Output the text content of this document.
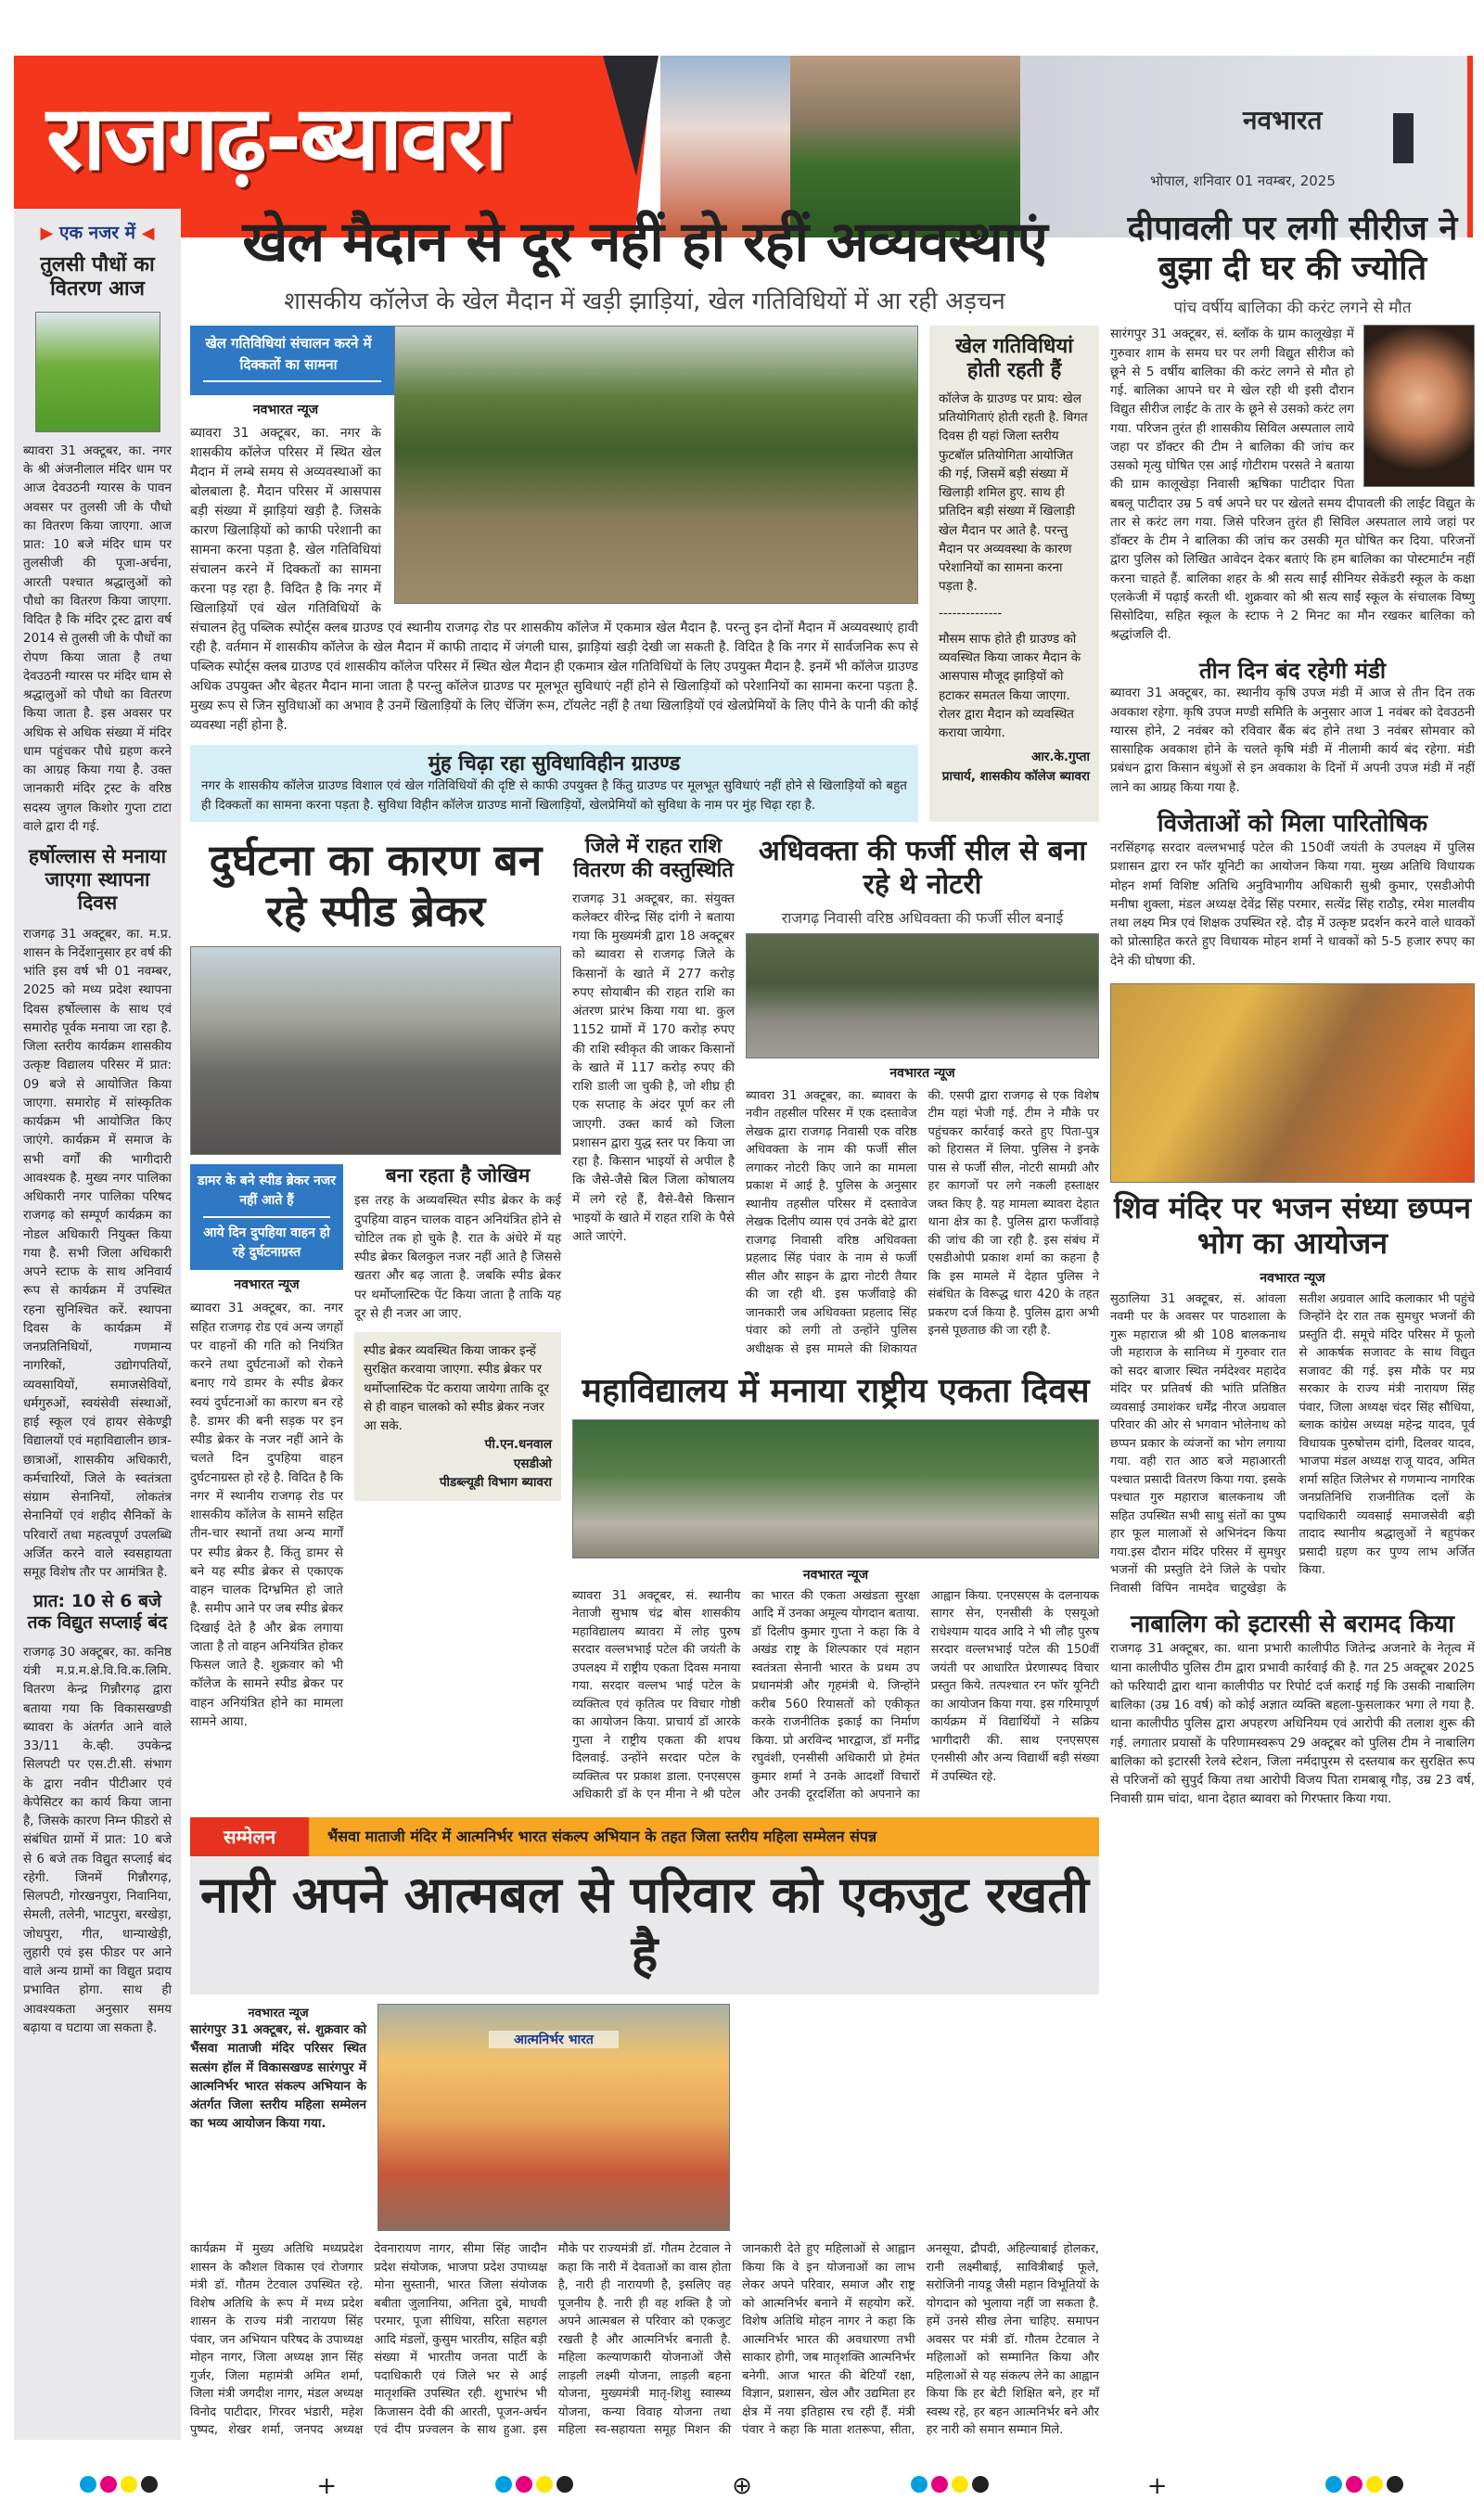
राजगढ़-ब्यावरा	नवभारत
भोपाल, शनिवार 01 नवम्बर, 2025
▶ एक नजर में ◀
तुलसी पौधों का वितरण आज
ब्यावरा 31 अक्टूबर, का. नगर के श्री अंजनीलाल मंदिर धाम पर आज देवउठनी ग्यारस के पावन अवसर पर तुलसी जी के पौधो का वितरण किया जाएगा. आज प्रात: 10 बजे मंदिर धाम पर तुलसीजी की पूजा-अर्चना, आरती पश्चात श्रद्धालुओं को पौधो का वितरण किया जाएगा. विदित है कि मंदिर ट्रस्ट द्वारा वर्ष 2014 से तुलसी जी के पौधों का रोपण किया जाता है तथा देवउठनी ग्यारस पर मंदिर धाम से श्रद्धालुओं को पौधो का वितरण किया जाता है. इस अवसर पर अधिक से अधिक संख्या में मंदिर धाम पहुंचकर पौधे ग्रहण करने का आग्रह किया गया है. उक्त जानकारी मंदिर ट्रस्ट के वरिष्ठ सदस्य जुगल किशोर गुप्ता टाटा वाले द्वारा दी गई.
हर्षोल्लास से मनाया जाएगा स्थापना दिवस
राजगढ़ 31 अक्टूबर, का. म.प्र. शासन के निर्देशानुसार हर वर्ष की भांति इस वर्ष भी 01 नवम्बर, 2025 को मध्य प्रदेश स्थापना दिवस हर्षोल्लास के साथ एवं समारोह पूर्वक मनाया जा रहा है. जिला स्तरीय कार्यक्रम शासकीय उत्कृष्ट विद्यालय परिसर में प्रात: 09 बजे से आयोजित किया जाएगा. समारोह में सांस्कृतिक कार्यक्रम भी आयोजित किए जाएंगे. कार्यक्रम में समाज के सभी वर्गों की भागीदारी आवश्यक है. मुख्य नगर पालिका अधिकारी नगर पालिका परिषद राजगढ़ को सम्पूर्ण कार्यक्रम का नोडल अधिकारी नियुक्त किया गया है. सभी जिला अधिकारी अपने स्टाफ के साथ अनिवार्य रूप से कार्यक्रम में उपस्थित रहना सुनिश्चित करें. स्थापना दिवस के कार्यक्रम में जनप्रतिनिधियों, गणमान्य नागरिकों, उद्योगपतियों, व्यवसायियों, समाजसेवियों, धर्मगुरुओं, स्वयंसेवी संस्थाओं, हाई स्कूल एवं हायर सेकेण्ड्री विद्यालयों एवं महाविद्यालीन छात्र-छात्राओं, शासकीय अधिकारी, कर्मचारियों, जिले के स्वतंत्रता संग्राम सेनानियों, लोकतंत्र सेनानियों एवं शहीद सैनिकों के परिवारों तथा महत्वपूर्ण उपलब्धि अर्जित करने वाले स्वसहायता समूह विशेष तौर पर आमंत्रित है.
प्रात: 10 से 6 बजे तक विद्युत सप्लाई बंद
राजगढ़ 30 अक्टूबर, का. कनिष्ठ यंत्री म.प्र.म.क्षे.वि.वि.क.लिमि. वितरण केन्द्र गिन्नौरगढ़ द्वारा बताया गया कि विकासखण्डी ब्यावरा के अंतर्गत आने वाले 33/11 के.व्ही. उपकेन्द्र सिलपटी पर एस.टी.सी. संभाग के द्वारा नवीन पीटीआर एवं केपेसिटर का कार्य किया जाना है, जिसके कारण निम्न फीडरो से संबंधित ग्रामों में प्रात: 10 बजे से 6 बजे तक विद्युत सप्लाई बंद रहेगी. जिनमें गिन्नौरगढ़, सिलपटी, गोरखनपुरा, निवानिया, सेमली, तलेनी, भाटपुरा, बरखेड़ा, जोधपुरा, गीत, धान्याखेड़ी, लुहारी एवं इस फीडर पर आने वाले अन्य ग्रामों का विद्युत प्रदाय प्रभावित होगा. साथ ही आवश्यकता अनुसार समय बढ़ाया व घटाया जा सकता है.
खेल मैदान से दूर नहीं हो रहीं अव्यवस्थाएं
शासकीय कॉलेज के खेल मैदान में खड़ी झाड़ियां, खेल गतिविधियों में आ रही अड़चन
खेल गतिविधियां संचालन करने में दिक्कतों का सामना
नवभारत न्यूज
ब्यावरा 31 अक्टूबर, का. नगर के शासकीय कॉलेज परिसर में स्थित खेल मैदान में लम्बे समय से अव्यवस्थाओं का बोलबाला है. मैदान परिसर में आसपास बड़ी संख्या में झाड़ियां खड़ी है. जिसके कारण खिलाड़ियों को काफी परेशानी का सामना करना पड़ता है. खेल गतिविधियां संचालन करने में दिक्कतों का सामना करना पड़ रहा है. विदित है कि नगर में खिलाड़ियों एवं खेल गतिविधियों के संचालन हेतु पब्लिक स्पोर्ट्स क्लब ग्राउण्ड एवं स्थानीय राजगढ़ रोड पर शासकीय कॉलेज में एकमात्र खेल मैदान है. परन्तु इन दोनों मैदान में अव्यवस्थाएं हावी रही है. वर्तमान में शासकीय कॉलेज के खेल मैदान में काफी तादाद में जंगली घास, झाड़ियां खड़ी देखी जा सकती है. विदित है कि नगर में सार्वजनिक रूप से पब्लिक स्पोर्ट्स क्लब ग्राउण्ड एवं शासकीय कॉलेज परिसर में स्थित खेल मैदान ही एकमात्र खेल गतिविधियों के लिए उपयुक्त मैदान है. इनमें भी कॉलेज ग्राउण्ड अधिक उपयुक्त और बेहतर मैदान माना जाता है परन्तु कॉलेज ग्राउण्ड पर मूलभूत सुविधाएं नहीं होने से खिलाड़ियों को परेशानियों का सामना करना पड़ता है. मुख्य रूप से जिन सुविधाओं का अभाव है उनमें खिलाड़ियों के लिए चेंजिंग रूम, टॉयलेट नहीं है तथा खिलाड़ियों एवं खेलप्रेमियों के लिए पीने के पानी की कोई व्यवस्था नहीं होना है.
मुंह चिढ़ा रहा सुविधाविहीन ग्राउण्ड
नगर के शासकीय कॉलेज ग्राउण्ड विशाल एवं खेल गतिविधियों की दृष्टि से काफी उपयुक्त है किंतु ग्राउण्ड पर मूलभूत सुविधाएं नहीं होने से खिलाड़ियों को बहुत ही दिक्कतों का सामना करना पड़ता है. सुविधा विहीन कॉलेज ग्राउण्ड मानों खिलाड़ियों, खेलप्रेमियों को सुविधा के नाम पर मुंह चिढ़ा रहा है.
खेल गतिविधियां होती रहती हैं
कॉलेज के ग्राउण्ड पर प्राय: खेल प्रतियोगिताएं होती रहती है. विगत दिवस ही यहां जिला स्तरीय फुटबॉल प्रतियोगिता आयोजित की गई, जिसमें बड़ी संख्या में खिलाड़ी शमिल हुए. साथ ही प्रतिदिन बड़ी संख्या में खिलाड़ी खेल मैदान पर आते है. परन्तु मैदान पर अव्यवस्था के कारण परेशानियों का सामना करना पड़ता है.
--------------
मौसम साफ होते ही ग्राउण्ड को व्यवस्थित किया जाकर मैदान के आसपास मौजूद झाड़ियों को हटाकर समतल किया जाएगा. रोलर द्वारा मैदान को व्यवस्थित कराया जायेगा.
आर.के.गुप्ता
प्राचार्य, शासकीय कॉलेज ब्यावरा
दुर्घटना का कारण बन रहे स्पीड ब्रेकर
डामर के बने स्पीड ब्रेकर नजर नहीं आते हैं
आये दिन दुपहिया वाहन हो रहे दुर्घटनाग्रस्त
नवभारत न्यूज
ब्यावरा 31 अक्टूबर, का. नगर सहित राजगढ़ रोड एवं अन्य जगहों पर वाहनों की गति को नियंत्रित करने तथा दुर्घटनाओं को रोकने बनाए गये डामर के स्पीड ब्रेकर स्वयं दुर्घटनाओं का कारण बन रहे है. डामर की बनी सड़क पर इन स्पीड ब्रेकर के नजर नहीं आने के चलते दिन दुपहिया वाहन दुर्घटनाग्रस्त हो रहे है. विदित है कि नगर में स्थानीय राजगढ़ रोड पर शासकीय कॉलेज के सामने सहित तीन-चार स्थानों तथा अन्य मार्गों पर स्पीड ब्रेकर है. किंतु डामर से बने यह स्पीड ब्रेकर से एकाएक वाहन चालक दिग्भ्रमित हो जाते है. समीप आने पर जब स्पीड ब्रेकर दिखाई देते है और ब्रेक लगाया जाता है तो वाहन अनियंत्रित होकर फिसल जाते है. शुक्रवार को भी कॉलेज के सामने स्पीड ब्रेकर पर वाहन अनियंत्रित होने का मामला सामने आया.
बना रहता है जोखिम
इस तरह के अव्यवस्थित स्पीड ब्रेकर के कई दुपहिया वाहन चालक वाहन अनियंत्रित होने से चोटिल तक हो चुके है. रात के अंधेरे में यह स्पीड ब्रेकर बिलकुल नजर नहीं आते है जिससे खतरा और बढ़ जाता है. जबकि स्पीड ब्रेकर पर थर्मोप्लास्टिक पेंट किया जाता है ताकि यह दूर से ही नजर आ जाए.
स्पीड ब्रेकर व्यवस्थित किया जाकर इन्हें सुरक्षित करवाया जाएगा. स्पीड ब्रेकर पर थर्मोप्लास्टिक पेंट कराया जायेगा ताकि दूर से ही वाहन चालको को स्पीड ब्रेकर नजर आ सके.
पी.एन.धनवाल
एसडीओ
पीडब्ल्यूडी विभाग ब्यावरा
जिले में राहत राशि वितरण की वस्तुस्थिति
राजगढ़ 31 अक्टूबर, का. संयुक्त कलेक्टर वीरेन्द्र सिंह दांगी ने बताया गया कि मुख्यमंत्री द्वारा 18 अक्टूबर को ब्यावरा से राजगढ़ जिले के किसानों के खाते में 277 करोड़ रुपए सोयाबीन की राहत राशि का अंतरण प्रारंभ किया गया था. कुल 1152 ग्रामों में 170 करोड़ रुपए की राशि स्वीकृत की जाकर किसानों के खाते में 117 करोड़ रुपए की राशि डाली जा चुकी है, जो शीघ्र ही एक सप्ताह के अंदर पूर्ण कर ली जाएगी. उक्त कार्य को जिला प्रशासन द्वारा युद्ध स्तर पर किया जा रहा है. किसान भाइयों से अपील है कि जैसे-जैसे बिल जिला कोषालय में लगे रहे हैं, वैसे-वैसे किसान भाइयों के खाते में राहत राशि के पैसे आते जाएंगे.
अधिवक्ता की फर्जी सील से बना रहे थे नोटरी
राजगढ़ निवासी वरिष्ठ अधिवक्ता की फर्जी सील बनाई
नवभारत न्यूज
ब्यावरा 31 अक्टूबर, का. ब्यावरा के नवीन तहसील परिसर में एक दस्तावेज लेखक द्वारा राजगढ़ निवासी एक वरिष्ठ अधिवक्ता के नाम की फर्जी सील लगाकर नोटरी किए जाने का मामला प्रकाश में आई है. पुलिस के अनुसार स्थानीय तहसील परिसर में दस्तावेज लेखक दिलीप व्यास एवं उनके बेटे द्वारा राजगढ़ निवासी वरिष्ठ अधिवक्ता प्रहलाद सिंह पंवार के नाम से फर्जी सील और साइन के द्वारा नोटरी तैयार की जा रही थी. इस फर्जीवाड़े की जानकारी जब अधिवक्ता प्रहलाद सिंह पंवार को लगी तो उन्होंने पुलिस अधीक्षक से इस मामले की शिकायत की. एसपी द्वारा राजगढ़ से एक विशेष टीम यहां भेजी गई. टीम ने मौके पर पहुंचकर कार्रवाई करते हुए पिता-पुत्र को हिरासत में लिया. पुलिस ने इनके पास से फर्जी सील, नोटरी सामग्री और हर कागजों पर लगे नकली हस्ताक्षर जब्त किए है. यह मामला ब्यावरा देहात थाना क्षेत्र का है. पुलिस द्वारा फर्जीवाड़े की जांच की जा रही है. इस संबंध में एसडीओपी प्रकाश शर्मा का कहना है कि इस मामले में देहात पुलिस ने संबंधित के विरूद्ध धारा 420 के तहत प्रकरण दर्ज किया है. पुलिस द्वारा अभी इनसे पूछताछ की जा रही है.
महाविद्यालय में मनाया राष्ट्रीय एकता दिवस
नवभारत न्यूज
ब्यावरा 31 अक्टूबर, सं. स्थानीय नेताजी सुभाष चंद्र बोस शासकीय महाविद्यालय ब्यावरा में लोह पुरुष सरदार वल्लभभाई पटेल की जयंती के उपलक्ष्य में राष्ट्रीय एकता दिवस मनाया गया. सरदार वल्लभ भाई पटेल के व्यक्तित्व एवं कृतित्व पर विचार गोष्ठी का आयोजन किया. प्राचार्य डॉ आरके गुप्ता ने राष्ट्रीय एकता की शपथ दिलवाई. उन्होंने सरदार पटेल के व्यक्तित्व पर प्रकाश डाला. एनएसएस अधिकारी डॉ के एन मीना ने श्री पटेल का भारत की एकता अखंडता सुरक्षा आदि में उनका अमूल्य योगदान बताया. डॉ दिलीप कुमार गुप्ता ने कहा कि वे अखंड राष्ट्र के शिल्पकार एवं महान स्वतंत्रता सेनानी भारत के प्रथम उप प्रधानमंत्री और गृहमंत्री थे. जिन्होंने करीब 560 रियासतों को एकीकृत करके राजनीतिक इकाई का निर्माण किया. प्रो अरविन्द भारद्वाज, डॉ मनींद्र रघुवंशी, एनसीसी अधिकारी प्रो हेमंत कुमार शर्मा ने उनके आदर्शों विचारों और उनकी दूरदर्शिता को अपनाने का आह्वान किया. एनएसएस के दलनायक सागर सेन, एनसीसी के एसयूओ राधेश्याम यादव आदि ने भी लौह पुरुष सरदार वल्लभभाई पटेल की 150वीं जयंती पर आधारित प्रेरणास्पद विचार प्रस्तुत किये. तत्पश्चात रन फॉर यूनिटी का आयोजन किया गया. इस गरिमापूर्ण कार्यक्रम में विद्यार्थियों ने सक्रिय भागीदारी की. साथ एनएसएस एनसीसी और अन्य विद्यार्थी बड़ी संख्या में उपस्थित रहे.
सम्मेलन	भैंसवा माताजी मंदिर में आत्मनिर्भर भारत संकल्प अभियान के तहत जिला स्तरीय महिला सम्मेलन संपन्न
नारी अपने आत्मबल से परिवार को एकजुट रखती है
नवभारत न्यूज
सारंगपुर 31 अक्टूबर, सं. शुक्रवार को भैंसवा माताजी मंदिर परिसर स्थित सत्संग हॉल में विकासखण्ड सारंगपुर में आत्मनिर्भर भारत संकल्प अभियान के अंतर्गत जिला स्तरीय महिला सम्मेलन का भव्य आयोजन किया गया.
आत्मनिर्भर भारत
कार्यक्रम में मुख्य अतिथि मध्यप्रदेश शासन के कौशल विकास एवं रोजगार मंत्री डॉ. गौतम टेटवाल उपस्थित रहे. विशेष अतिथि के रूप में मध्य प्रदेश शासन के राज्य मंत्री नारायण सिंह पंवार, जन अभियान परिषद के उपाध्यक्ष मोहन नागर, जिला अध्यक्ष ज्ञान सिंह गुर्जर, जिला महामंत्री अमित शर्मा, जिला मंत्री जगदीश नागर, मंडल अध्यक्ष विनोद पाटीदार, गिरवर भंडारी, महेश पुष्पद, शेखर शर्मा, जनपद अध्यक्ष देवनारायण नागर, सीमा सिंह जादौन प्रदेश संयोजक, भाजपा प्रदेश उपाध्यक्ष मोना सुस्तानी, भारत जिला संयोजक बबीता जुलानिया, अनिता दुबे, माधवी परमार, पूजा सीधिया, सरिता सहगल आदि मंडलों, कुसुम भारतीय, सहित बड़ी संख्या में भारतीय जनता पार्टी के पदाधिकारी एवं जिले भर से आई मातृशक्ति उपस्थित रही. शुभारंभ भी किजासन देवी की आरती, पूजन-अर्चन एवं दीप प्रज्वलन के साथ हुआ. इस मौके पर राज्यमंत्री डॉ. गौतम टेटवाल ने कहा कि नारी में देवताओं का वास होता है, नारी ही नारायणी है, इसलिए वह पूजनीय है. नारी ही वह शक्ति है जो अपने आत्मबल से परिवार को एकजुट रखती है और आत्मनिर्भर बनाती है. महिला कल्याणकारी योजनाओं जैसे लाड़ली लक्ष्मी योजना, लाड़ली बहना योजना, मुख्यमंत्री मातृ-शिशु स्वास्थ्य योजना, कन्या विवाह योजना तथा महिला स्व-सहायता समूह मिशन की जानकारी देते हुए महिलाओं से आह्वान किया कि वे इन योजनाओं का लाभ लेकर अपने परिवार, समाज और राष्ट्र को आत्मनिर्भर बनाने में सहयोग करें. विशेष अतिथि मोहन नागर ने कहा कि आत्मनिर्भर भारत की अवधारणा तभी साकार होगी, जब मातृशक्ति आत्मनिर्भर बनेगी. आज भारत की बेटियाँ रक्षा, विज्ञान, प्रशासन, खेल और उद्यमिता हर क्षेत्र में नया इतिहास रच रही हैं. मंत्री पंवार ने कहा कि माता शतरूपा, सीता, अनसूया, द्रौपदी, अहिल्याबाई होलकर, रानी लक्ष्मीबाई, सावित्रीबाई फूले, सरोजिनी नायडू जैसी महान विभूतियों के योगदान को भुलाया नहीं जा सकता है. हमें उनसे सीख लेना चाहिए. समापन अवसर पर मंत्री डॉ. गौतम टेटवाल ने महिलाओं को सम्मानित किया और महिलाओं से यह संकल्प लेने का आह्वान किया कि हर बेटी शिक्षित बने, हर माँ स्वस्थ रहे, हर बहन आत्मनिर्भर बने और हर नारी को समान सम्मान मिले.
दीपावली पर लगी सीरीज ने बुझा दी घर की ज्योति
पांच वर्षीय बालिका की करंट लगने से मौत
सारंगपुर 31 अक्टूबर, सं. ब्लॉक के ग्राम कालूखेड़ा में गुरुवार शाम के समय घर पर लगी विद्युत सीरीज को छूने से 5 वर्षीय बालिका की करंट लगने से मौत हो गई. बालिका आपने घर मे खेल रही थी इसी दौरान विद्युत सीरीज लाईट के तार के छूने से उसको करंट लग गया. परिजन तुरंत ही शासकीय सिविल अस्पताल लाये जहा पर डॉक्टर की टीम ने बालिका की जांच कर उसको मृत्यु घोषित एस आई गोटीराम परसते ने बताया की ग्राम कालूखेड़ा निवासी ऋषिका पाटीदार पिता बबलू पाटीदार उम्र 5 वर्ष अपने घर पर खेलते समय दीपावली की लाईट विद्युत के तार से करंट लग गया. जिसे परिजन तुरंत ही सिविल अस्पताल लाये जहां पर डॉक्टर के टीम ने बालिका की जांच कर उसकी मृत घोषित कर दिया. परिजनों द्वारा पुलिस को लिखित आवेदन देकर बताएं कि हम बालिका का पोस्टमार्टम नहीं करना चाहते हैं. बालिका शहर के श्री सत्य साईं सीनियर सेकेंडरी स्कूल के कक्षा एलकेजी में पढ़ाई करती थी. शुक्रवार को श्री सत्य साईं स्कूल के संचालक विष्णु सिसोदिया, सहित स्कूल के स्टाफ ने 2 मिनट का मौन रखकर बालिका को श्रद्धांजलि दी.
तीन दिन बंद रहेगी मंडी
ब्यावरा 31 अक्टूबर, का. स्थानीय कृषि उपज मंडी में आज से तीन दिन तक अवकाश रहेगा. कृषि उपज मण्डी समिति के अनुसार आज 1 नवंबर को देवउठनी ग्यारस होने, 2 नवंबर को रविवार बैंक बंद होने तथा 3 नवंबर सोमवार को सासाहिक अवकाश होने के चलते कृषि मंडी में नीलामी कार्य बंद रहेगा. मंडी प्रबंधन द्वारा किसान बंधुओं से इन अवकाश के दिनों में अपनी उपज मंडी में नहीं लाने का आग्रह किया गया है.
विजेताओं को मिला पारितोषिक
नरसिंहगढ़ सरदार वल्लभभाई पटेल की 150वीं जयंती के उपलक्ष्य में पुलिस प्रशासन द्वारा रन फॉर यूनिटी का आयोजन किया गया. मुख्य अतिथि विधायक मोहन शर्मा विशिष्ट अतिथि अनुविभागीय अधिकारी सुश्री कुमार, एसडीओपी मनीषा शुक्ला, मंडल अध्यक्ष देवेंद्र सिंह परमार, सत्येंद्र सिंह राठौड़, रमेश मालवीय तथा लक्ष्य मित्र एवं शिक्षक उपस्थित रहे. दौड़ में उत्कृष्ट प्रदर्शन करने वाले धावकों को प्रोत्साहित करते हुए विधायक मोहन शर्मा ने धावकों को 5-5 हजार रुपए का देने की घोषणा की.
शिव मंदिर पर भजन संध्या छप्पन भोग का आयोजन
नवभारत न्यूज
सुठालिया 31 अक्टूबर, सं. आंवला नवमी पर के अवसर पर पाठशाला के गुरू महाराज श्री श्री 108 बालकनाथ जी महाराज के सानिध्य में गुरुवार रात को सदर बाजार स्थित नर्मदेश्वर महादेव मंदिर पर प्रतिवर्ष की भांति प्रतिष्ठित व्यवसाई उमाशंकर धर्मेंद्र नीरज अग्रवाल परिवार की ओर से भगवान भोलेनाथ को छप्पन प्रकार के व्यंजनों का भोग लगाया गया. वही रात आठ बजे महाआरती पश्चात प्रसादी वितरण किया गया. इसके पश्चात गुरु महाराज बालकनाथ जी सहित उपस्थित सभी साधु संतों का पुष्प हार फूल मालाओं से अभिनंदन किया गया.इस दौरान मंदिर परिसर में सुमधुर भजनों की प्रस्तुति देने जिले के पचोर निवासी विपिन नामदेव चाटुखेड़ा के सतीश अग्रवाल आदि कलाकार भी पहुंचे जिन्होंने देर रात तक सुमधुर भजनों की प्रस्तुति दी. समूचे मंदिर परिसर में फूलो से आकर्षक सजावट के साथ विद्युत सजावट की गई. इस मौके पर मप्र सरकार के राज्य मंत्री नारायण सिंह पंवार, जिला अध्यक्ष चंदर सिंह सौधिया, ब्लाक कांग्रेस अध्यक्ष महेन्द्र यादव, पूर्व विधायक पुरुषोत्तम दांगी, दिलवर यादव, भाजपा मंडल अध्यक्ष राजू यादव, अमित शर्मा सहित जिलेभर से गणमान्य नागरिक जनप्रतिनिधि राजनीतिक दलों के पदाधिकारी व्यवसाई समाजसेवी बड़ी तादाद स्थानीय श्रद्धालुओं ने बहुपंकर प्रसादी ग्रहण कर पुण्य लाभ अर्जित किया.
नाबालिग को इटारसी से बरामद किया
राजगढ़ 31 अक्टूबर, का. थाना प्रभारी कालीपीठ जितेन्द्र अजनारे के नेतृत्व में थाना कालीपीठ पुलिस टीम द्वारा प्रभावी कार्रवाई की है. गत 25 अक्टूबर 2025 को फरियादी द्वारा थाना कालीपीठ पर रिपोर्ट दर्ज कराई गई कि उसकी नाबालिग बालिका (उम्र 16 वर्ष) को कोई अज्ञात व्यक्ति बहला-फुसलाकर भगा ले गया है. थाना कालीपीठ पुलिस द्वारा अपहरण अधिनियम एवं आरोपी की तलाश शुरू की गई. लगातार प्रयासों के परिणामस्वरूप 29 अक्टूबर को पुलिस टीम ने नाबालिग बालिका को इटारसी रेलवे स्टेशन, जिला नर्मदापुरम से दस्तयाब कर सुरक्षित रूप से परिजनों को सुपुर्द किया तथा आरोपी विजय पिता रामबाबू गौड़, उम्र 23 वर्ष, निवासी ग्राम चांदा, थाना देहात ब्यावरा को गिरफ्तार किया गया.
+	⊕	+
